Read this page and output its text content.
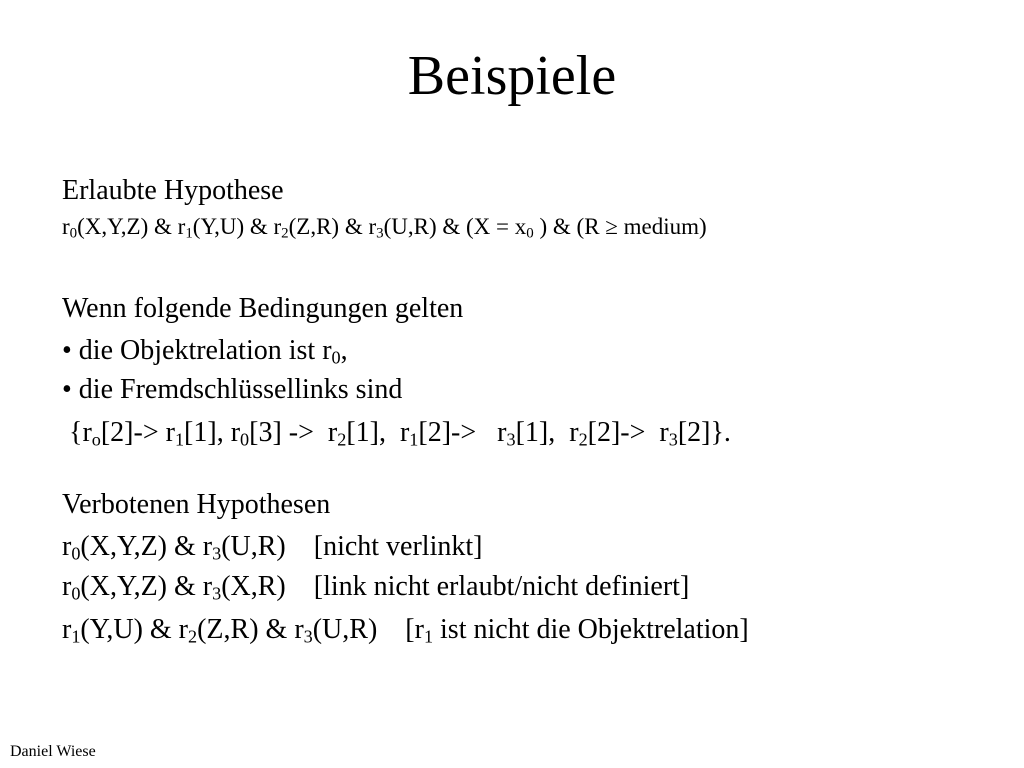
Beispiele
Erlaubte Hypothese
$r_0(X,Y,Z)$ & $r_1(Y,U)$ & $r_2(Z,R)$ & $r_3(U,R)$ & ($X = x_0$ ) & (R ≥ medium)
Wenn folgende Bedingungen gelten
• die Objektrelation ist $r_0$,
• die Fremdschlüssellinks sind
{$r_o[2]-> r_1[1]$, $r_0[3] -> r_2[1]$,  $r_1[2]-> r_3[1]$,  $r_2[2]-> r_3[2]$}.
Verbotenen Hypothesen
$r_0(X,Y,Z)$ & $r_3(U,R)$    [nicht verlinkt]
$r_0(X,Y,Z)$ & $r_3(X,R)$    [link nicht erlaubt/nicht definiert]
$r_1(Y,U)$ & $r_2(Z,R)$ & $r_3(U,R)$    [$r_1$ ist nicht die Objektrelation]
Daniel Wiese
